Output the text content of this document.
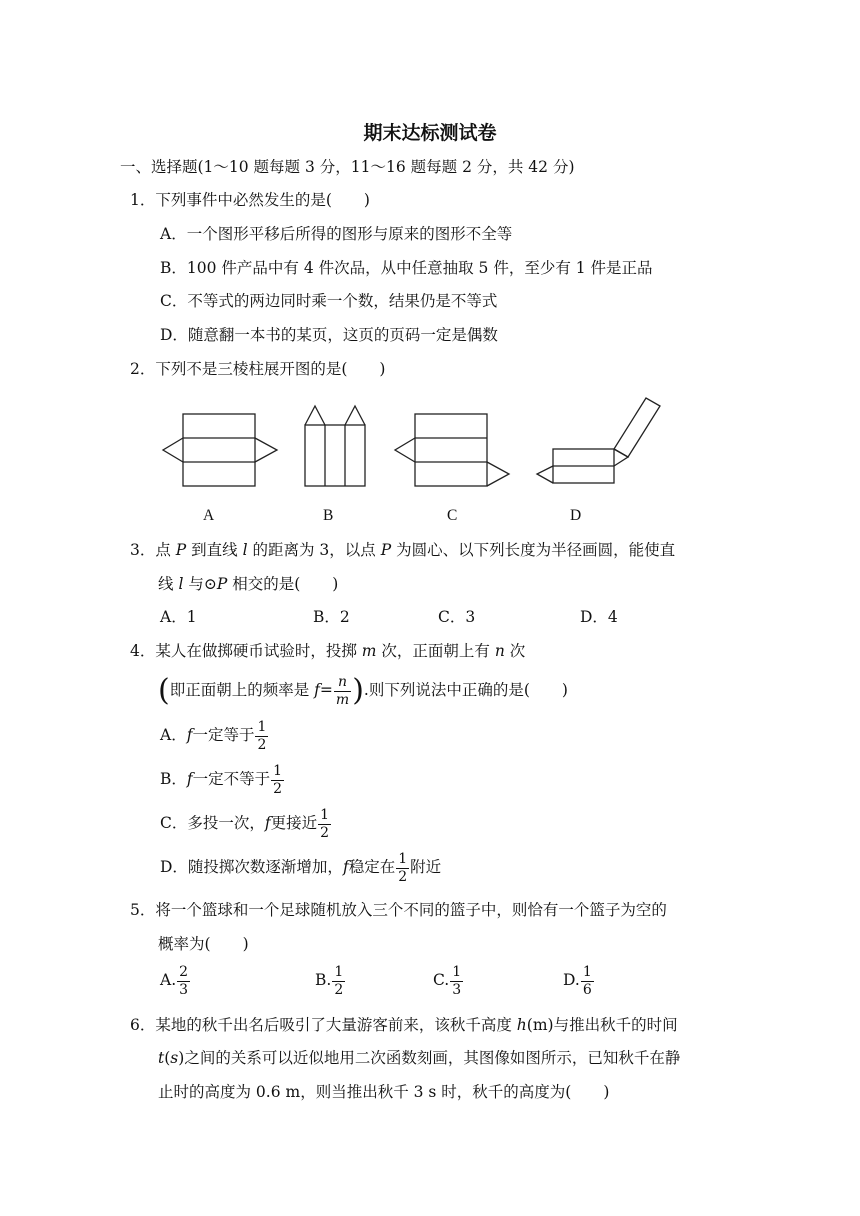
期末达标测试卷
一、选择题(1～10 题每题 3 分，11～16 题每题 2 分，共 42 分)
1．下列事件中必然发生的是( )
A．一个图形平移后所得的图形与原来的图形不全等
B．100 件产品中有 4 件次品，从中任意抽取 5 件，至少有 1 件是正品
C．不等式的两边同时乘一个数，结果仍是不等式
D．随意翻一本书的某页，这页的页码一定是偶数
2．下列不是三棱柱展开图的是( )
A	B	C	D
3．点 P 到直线 l 的距离为 3，以点 P 为圆心、以下列长度为半径画圆，能使直
线 l 与⊙P 相交的是( )
A．1	B．2	C．3	D．4
4．某人在做掷硬币试验时，投掷 m 次，正面朝上有 n 次
(即正面朝上的频率是 $f= \frac{n}{m}$ ).则下列说法中正确的是( )
A．f一定等于 $\frac{1}{2}$
B．f一定不等于 $\frac{1}{2}$
C．多投一次，f更接近 $\frac{1}{2}$
D．随投掷次数逐渐增加，f稳定在 $\frac{1}{2}$ 附近
5．将一个篮球和一个足球随机放入三个不同的篮子中，则恰有一个篮子为空的
概率为( )
A. $\frac{2}{3}$	B. $\frac{1}{2}$	C. $\frac{1}{3}$	D. $\frac{1}{6}$
6．某地的秋千出名后吸引了大量游客前来，该秋千高度 h(m)与推出秋千的时间
t(s)之间的关系可以近似地用二次函数刻画，其图像如图所示，已知秋千在静
止时的高度为 0.6 m，则当推出秋千 3 s 时，秋千的高度为( )
